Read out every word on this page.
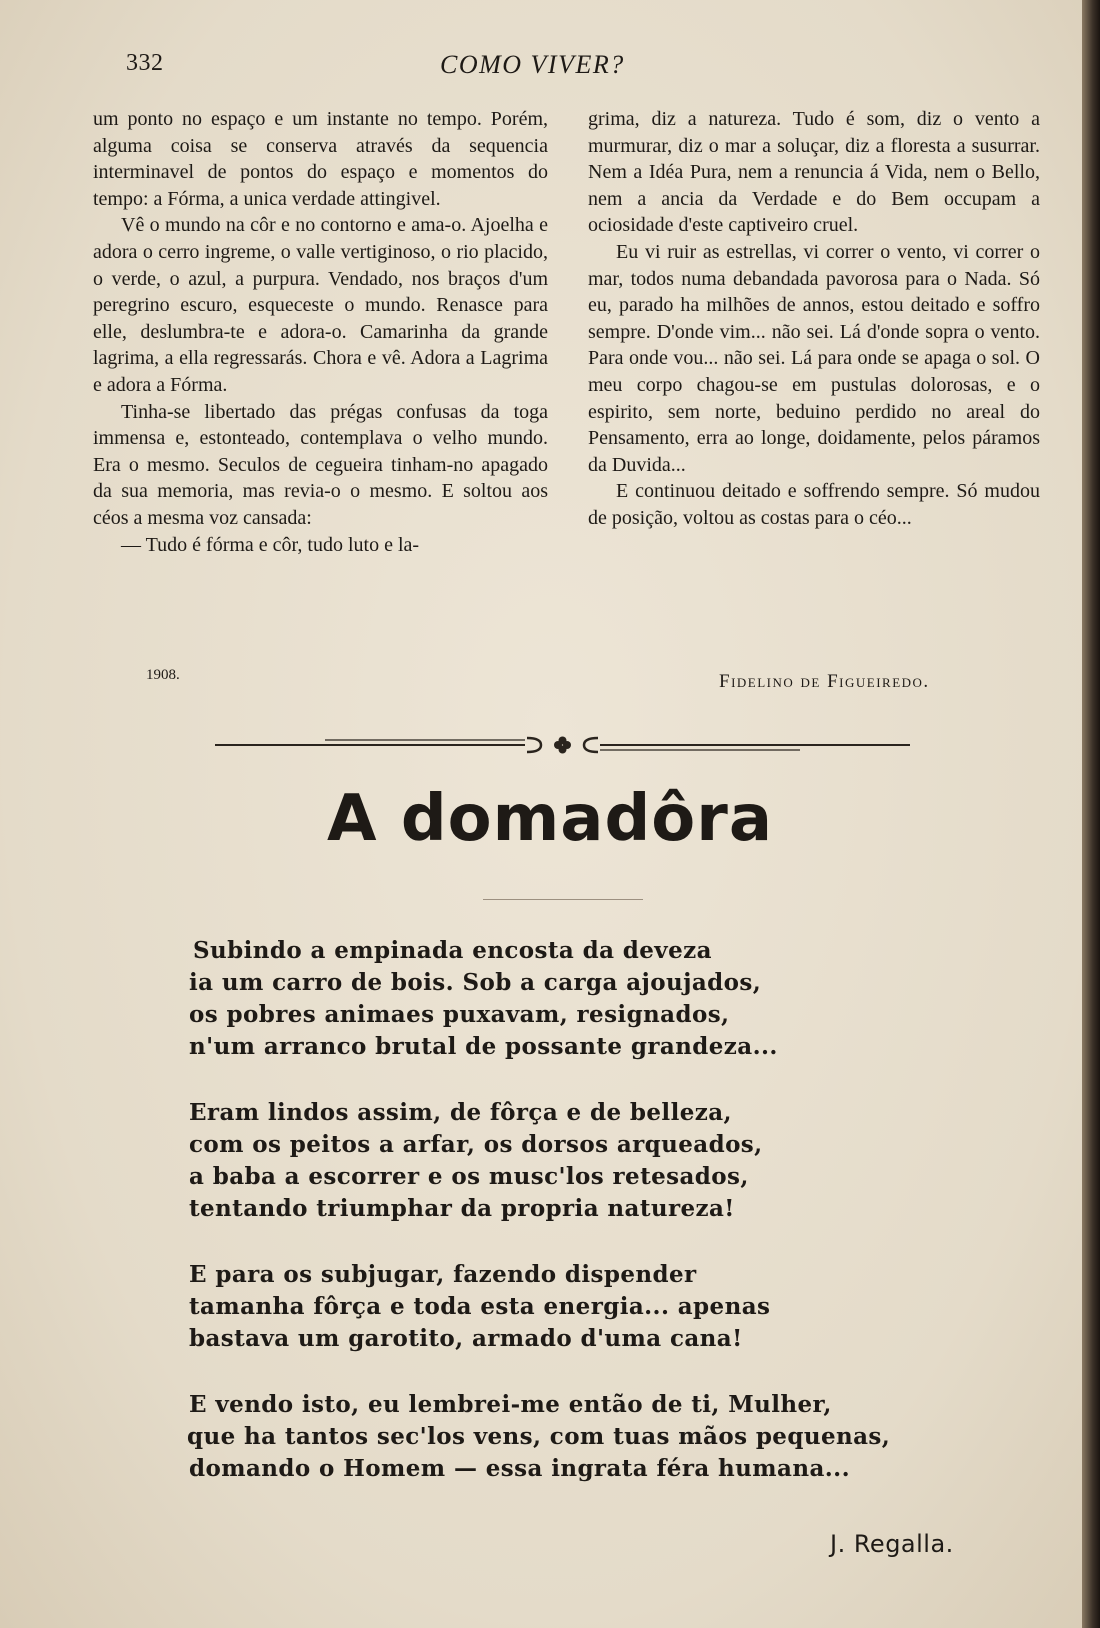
332	COMO VIVER?

um ponto no espaço e um instante no tempo. Porém, alguma coisa se conserva através da sequencia interminavel de pontos do espaço e momentos do tempo: a Fórma, a unica verdade attingivel.

Vê o mundo na côr e no contorno e ama-o. Ajoelha e adora o cerro ingreme, o valle vertiginoso, o rio placido, o verde, o azul, a purpura. Vendado, nos braços d'um peregrino escuro, esqueceste o mundo. Renasce para elle, deslumbra-te e adora-o. Camarinha da grande lagrima, a ella regressarás. Chora e vê. Adora a Lagrima e adora a Fórma.

Tinha-se libertado das prégas confusas da toga immensa e, estonteado, contemplava o velho mundo. Era o mesmo. Seculos de cegueira tinham-no apagado da sua memoria, mas revia-o o mesmo. E soltou aos céos a mesma voz cansada:

— Tudo é fórma e côr, tudo luto e la-

grima, diz a natureza. Tudo é som, diz o vento a murmurar, diz o mar a soluçar, diz a floresta a susurrar. Nem a Idéa Pura, nem a renuncia á Vida, nem o Bello, nem a ancia da Verdade e do Bem occupam a ociosidade d'este captiveiro cruel.

Eu vi ruir as estrellas, vi correr o vento, vi correr o mar, todos numa debandada pavorosa para o Nada. Só eu, parado ha milhões de annos, estou deitado e soffro sempre. D'onde vim... não sei. Lá d'onde sopra o vento. Para onde vou... não sei. Lá para onde se apaga o sol. O meu corpo chagou-se em pustulas dolorosas, e o espirito, sem norte, beduino perdido no areal do Pensamento, erra ao longe, doidamente, pelos páramos da Duvida...

E continuou deitado e soffrendo sempre. Só mudou de posição, voltou as costas para o céo...

1908.	Fidelino de Figueiredo.
A domadôra
Subindo a empinada encosta da deveza
ia um carro de bois. Sob a carga ajoujados,
os pobres animaes puxavam, resignados,
n'um arranco brutal de possante grandeza...
Eram lindos assim, de fôrça e de belleza,
com os peitos a arfar, os dorsos arqueados,
a baba a escorrer e os musc'los retesados,
tentando triumphar da propria natureza!
E para os subjugar, fazendo dispender
tamanha fôrça e toda esta energia... apenas
bastava um garotito, armado d'uma cana!
E vendo isto, eu lembrei-me então de ti, Mulher,
que ha tantos sec'los vens, com tuas mãos pequenas,
domando o Homem — essa ingrata féra humana...
J. Regalla.
